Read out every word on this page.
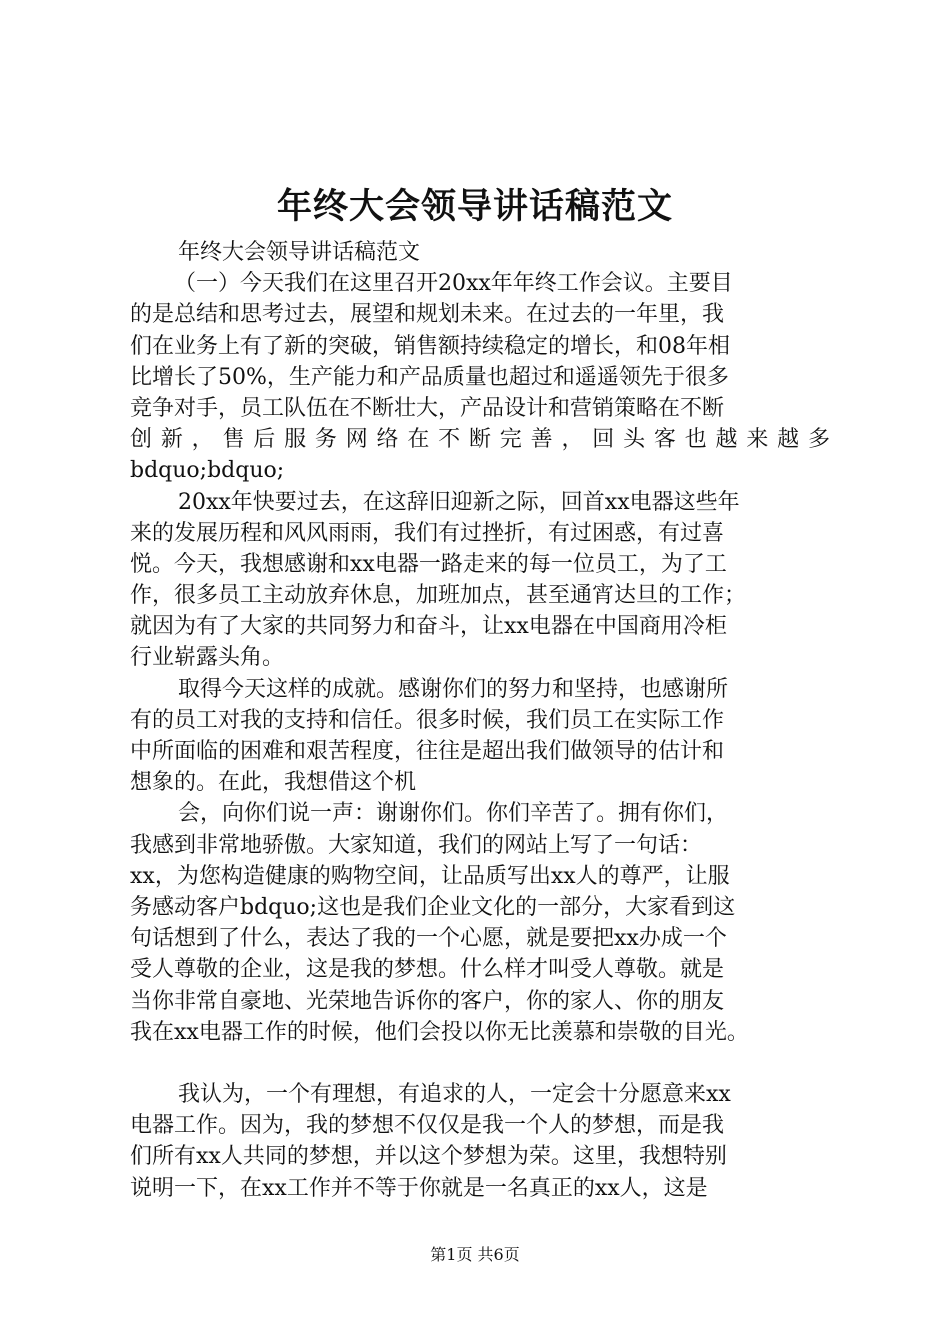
年终大会领导讲话稿范文
年终大会领导讲话稿范文
（一）今天我们在这里召开20xx年年终工作会议。主要目
的是总结和思考过去，展望和规划未来。在过去的一年里，我
们在业务上有了新的突破，销售额持续稳定的增长，和08年相
比增长了50%，生产能力和产品质量也超过和遥遥领先于很多
竞争对手，员工队伍在不断壮大，产品设计和营销策略在不断
创新，售后服务网络在不断完善，回头客也越来越多
bdquo;bdquo;
20xx年快要过去，在这辞旧迎新之际，回首xx电器这些年
来的发展历程和风风雨雨，我们有过挫折，有过困惑，有过喜
悦。今天，我想感谢和xx电器一路走来的每一位员工，为了工
作，很多员工主动放弃休息，加班加点，甚至通宵达旦的工作；
就因为有了大家的共同努力和奋斗，让xx电器在中国商用冷柜
行业崭露头角。
取得今天这样的成就。感谢你们的努力和坚持，也感谢所
有的员工对我的支持和信任。很多时候，我们员工在实际工作
中所面临的困难和艰苦程度，往往是超出我们做领导的估计和
想象的。在此，我想借这个机
会，向你们说一声：谢谢你们。你们辛苦了。拥有你们，
我感到非常地骄傲。大家知道，我们的网站上写了一句话：
xx，为您构造健康的购物空间，让品质写出xx人的尊严，让服
务感动客户bdquo;这也是我们企业文化的一部分，大家看到这
句话想到了什么，表达了我的一个心愿，就是要把xx办成一个
受人尊敬的企业，这是我的梦想。什么样才叫受人尊敬。就是
当你非常自豪地、光荣地告诉你的客户，你的家人、你的朋友
我在xx电器工作的时候，他们会投以你无比羡慕和崇敬的目光。
我认为，一个有理想，有追求的人，一定会十分愿意来xx
电器工作。因为，我的梦想不仅仅是我一个人的梦想，而是我
们所有xx人共同的梦想，并以这个梦想为荣。这里，我想特别
说明一下，在xx工作并不等于你就是一名真正的xx人，这是
第1页 共6页
